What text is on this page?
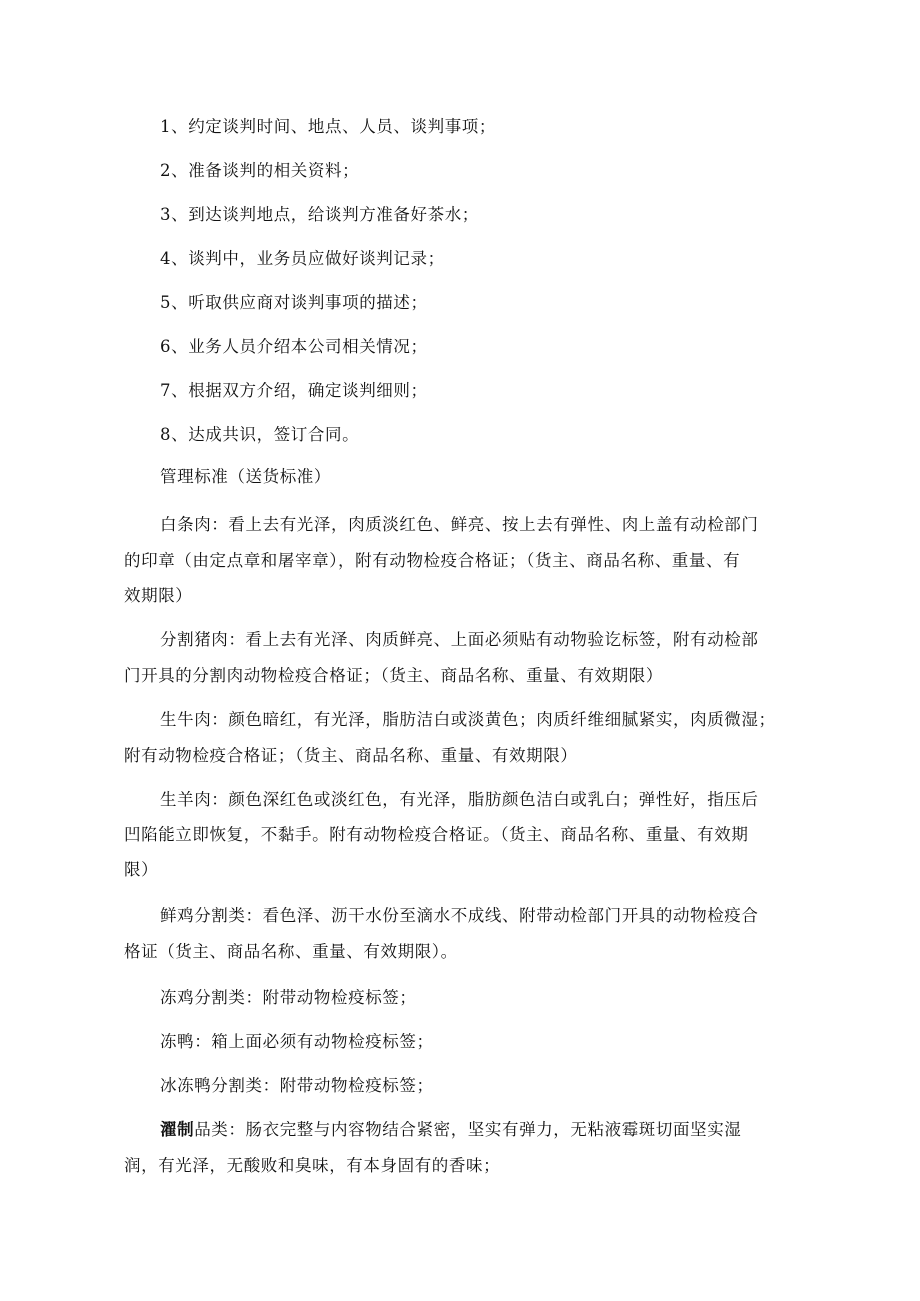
1、约定谈判时间、地点、人员、谈判事项；
2、准备谈判的相关资料；
3、到达谈判地点，给谈判方准备好茶水；
4、谈判中，业务员应做好谈判记录；
5、听取供应商对谈判事项的描述；
6、业务人员介绍本公司相关情况；
7、根据双方介绍，确定谈判细则；
8、达成共识，签订合同。
管理标准（送货标准）
白条肉：看上去有光泽，肉质淡红色、鲜亮、按上去有弹性、肉上盖有动检部门
的印章（由定点章和屠宰章），附有动物检疫合格证；（货主、商品名称、重量、有
效期限）
分割猪肉：看上去有光泽、肉质鲜亮、上面必须贴有动物验讫标签，附有动检部
门开具的分割肉动物检疫合格证；（货主、商品名称、重量、有效期限）
生牛肉：颜色暗红，有光泽，脂肪洁白或淡黄色；肉质纤维细腻紧实，肉质微湿；
附有动物检疫合格证；（货主、商品名称、重量、有效期限）
生羊肉：颜色深红色或淡红色，有光泽，脂肪颜色洁白或乳白；弹性好，指压后
凹陷能立即恢复，不黏手。附有动物检疫合格证。（货主、商品名称、重量、有效期
限）
鲜鸡分割类：看色泽、沥干水份至滴水不成线、附带动检部门开具的动物检疫合
格证（货主、商品名称、重量、有效期限）。
冻鸡分割类：附带动物检疫标签；
冻鸭：箱上面必须有动物检疫标签；
冰冻鸭分割类：附带动物检疫标签；
濯制品类：肠衣完整与内容物结合紧密，坚实有弹力，无粘液霉斑切面坚实湿
润，有光泽，无酸败和臭味，有本身固有的香味；
